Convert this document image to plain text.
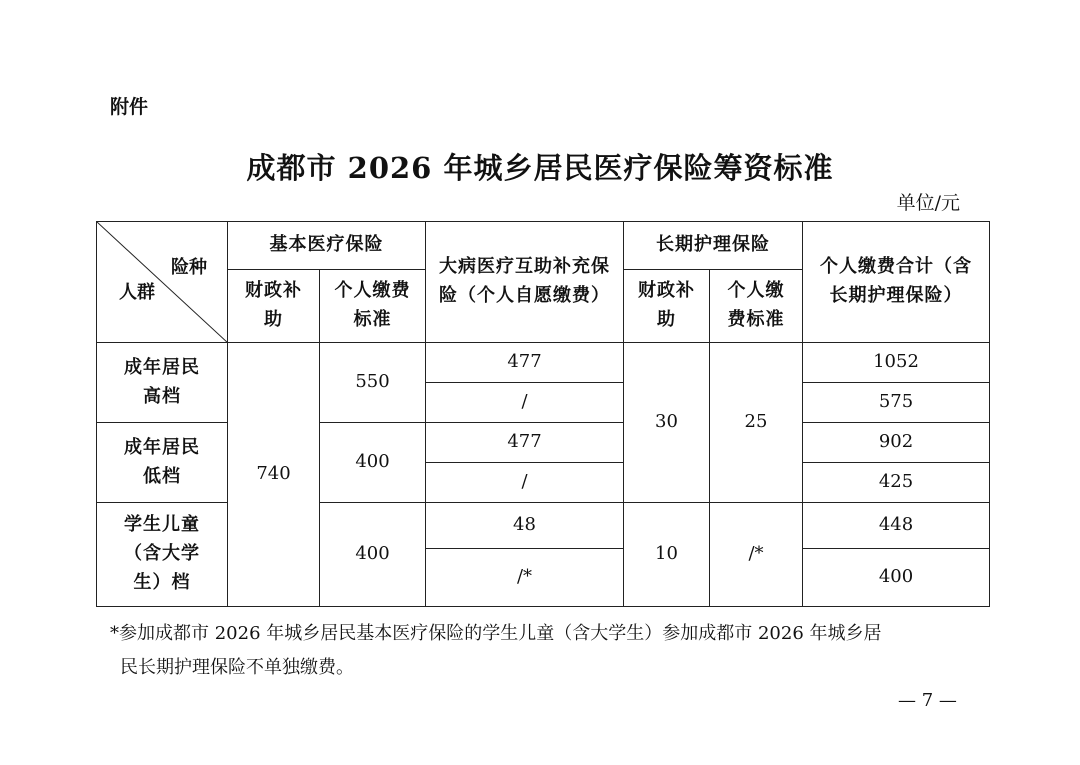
附件
成都市 2026 年城乡居民医疗保险筹资标准
单位/元
险种
人群	基本医疗保险		大病医疗互助补充保险（个人自愿缴费）	长期护理保险		个人缴费合计（含长期护理保险）
	财政补助	个人缴费标准		财政补助	个人缴费标准	
成年居民高档	740	550	477	30	25	1052
			/			575
成年居民低档		400	477			902
			/			425
学生儿童（含大学生）档		400	48	10	/*	448
			/*			400
*参加成都市 2026 年城乡居民基本医疗保险的学生儿童（含大学生）参加成都市 2026 年城乡居
民长期护理保险不单独缴费。
— 7 —
